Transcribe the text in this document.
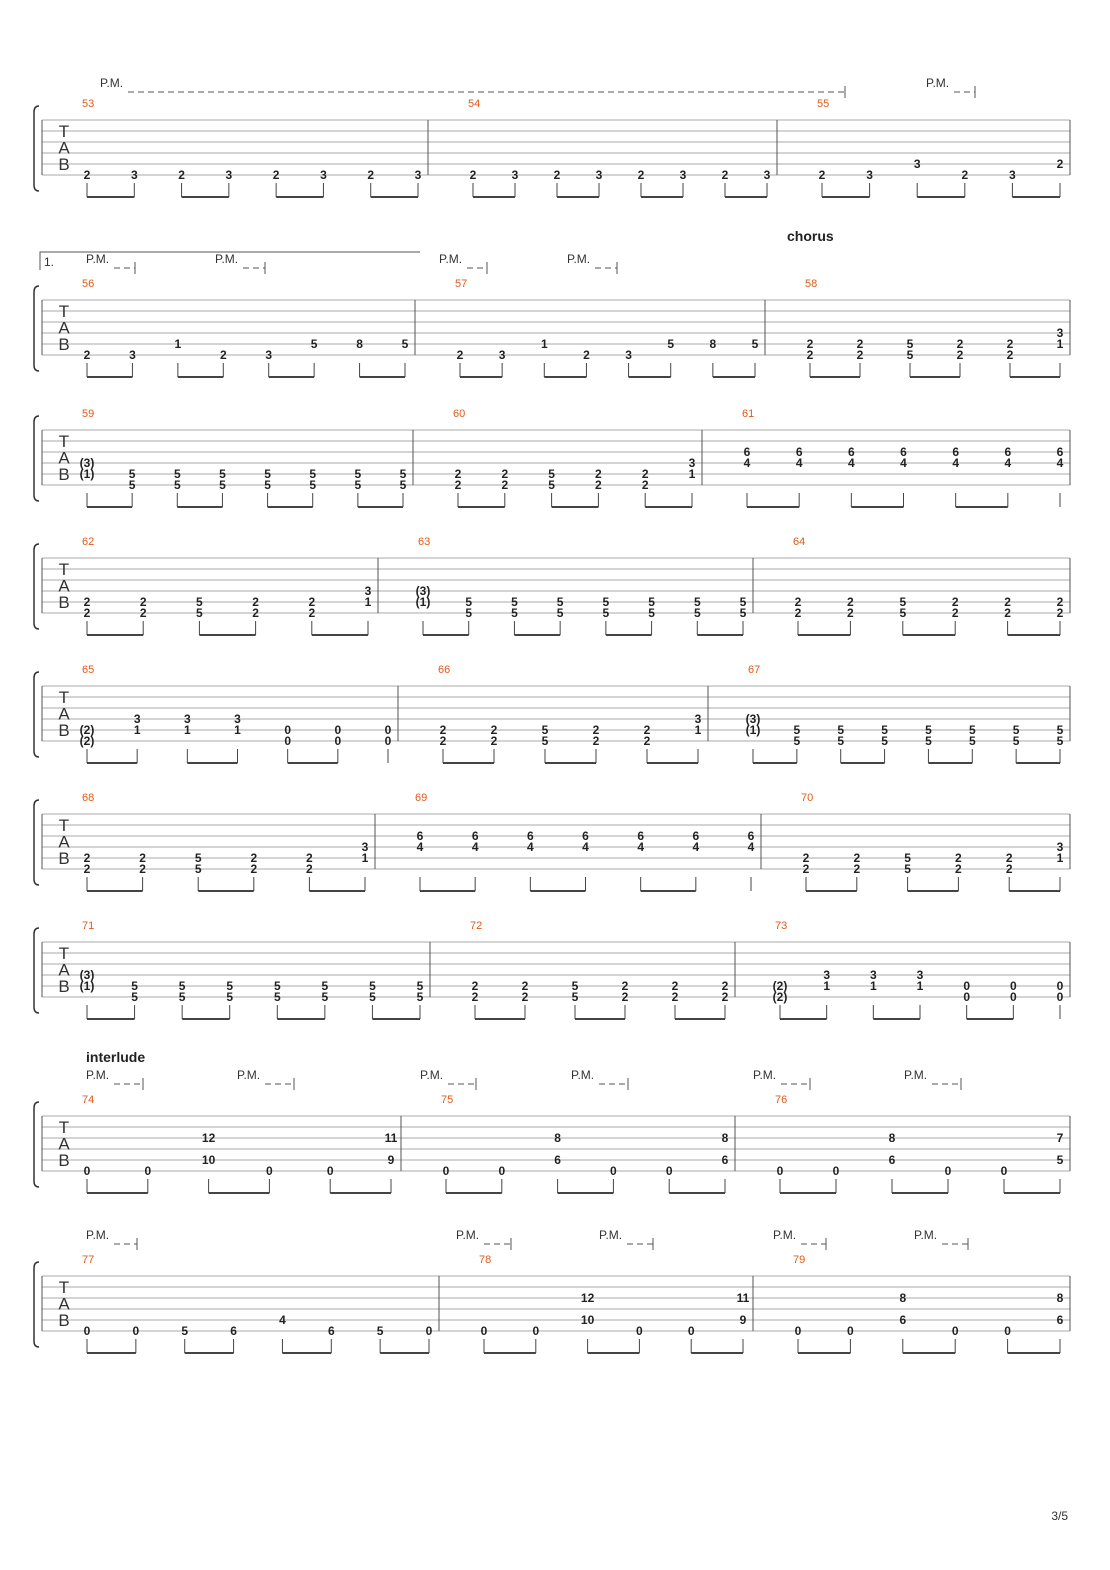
T
A
B
P.M.	P.M.
53
2	3	2	3	2	3	2	3
54
2	3	2	3	2	3	2	3
55
2	3
3
2	3
2
T
A
B
chorus
P.M.	P.M.	P.M.	P.M.
1.
56
2	3
1
2	3
5	8	5
57
2	3
1
2	3
5	8	5
58
2
2
2
2
5
5
2
2
2
2
3
1
T
A
B
59
(3)
(1)	5
5
5
5
5
5
5
5
5
5
5
5
5
5
60
2
2
2
2
5
5
2
2
2
2
3
1
61
6
4
6
4
6
4
6
4
6
4
6
4
6
4
T
A
B
62
2
2
2
2
5
5
2
2
2
2
3
1
63
(3)
(1)	5
5
5
5
5
5
5
5
5
5
5
5
5
5
64
2
2
2
2
5
5
2
2
2
2
2
2
T
A
B
65
(2)
(2)
3
1
3
1
3
1	0
0
0
0
0
0
66
2
2
2
2
5
5
2
2
2
2
3
1
67
(3)
(1)	5
5
5
5
5
5
5
5
5
5
5
5
5
5
T
A
B
68
2
2
2
2
5
5
2
2
2
2
3
1
69
6
4
6
4
6
4
6
4
6
4
6
4
6
4
70
2
2
2
2
5
5
2
2
2
2
3
1
T
A
B
71
(3)
(1)	5
5
5
5
5
5
5
5
5
5
5
5
5
5
72
2
2
2
2
5
5
2
2
2
2
2
2
73
(2)
(2)
3
1
3
1
3
1	0
0
0
0
0
0
T
A
B
interlude
P.M.	P.M.	P.M.	P.M.	P.M.	P.M.
74
0	0
12
10
0	0
11
9
75
0	0
8
6
0	0
8
6
76
0	0
8
6
0	0
7
5
T
A
B
P.M.	P.M.	P.M.	P.M.	P.M.
77
0	0	5	6
4
6	5	0
78
0	0
12
10
0	0
11
9
79
0	0
8
6
0	0
8
6
3/5
